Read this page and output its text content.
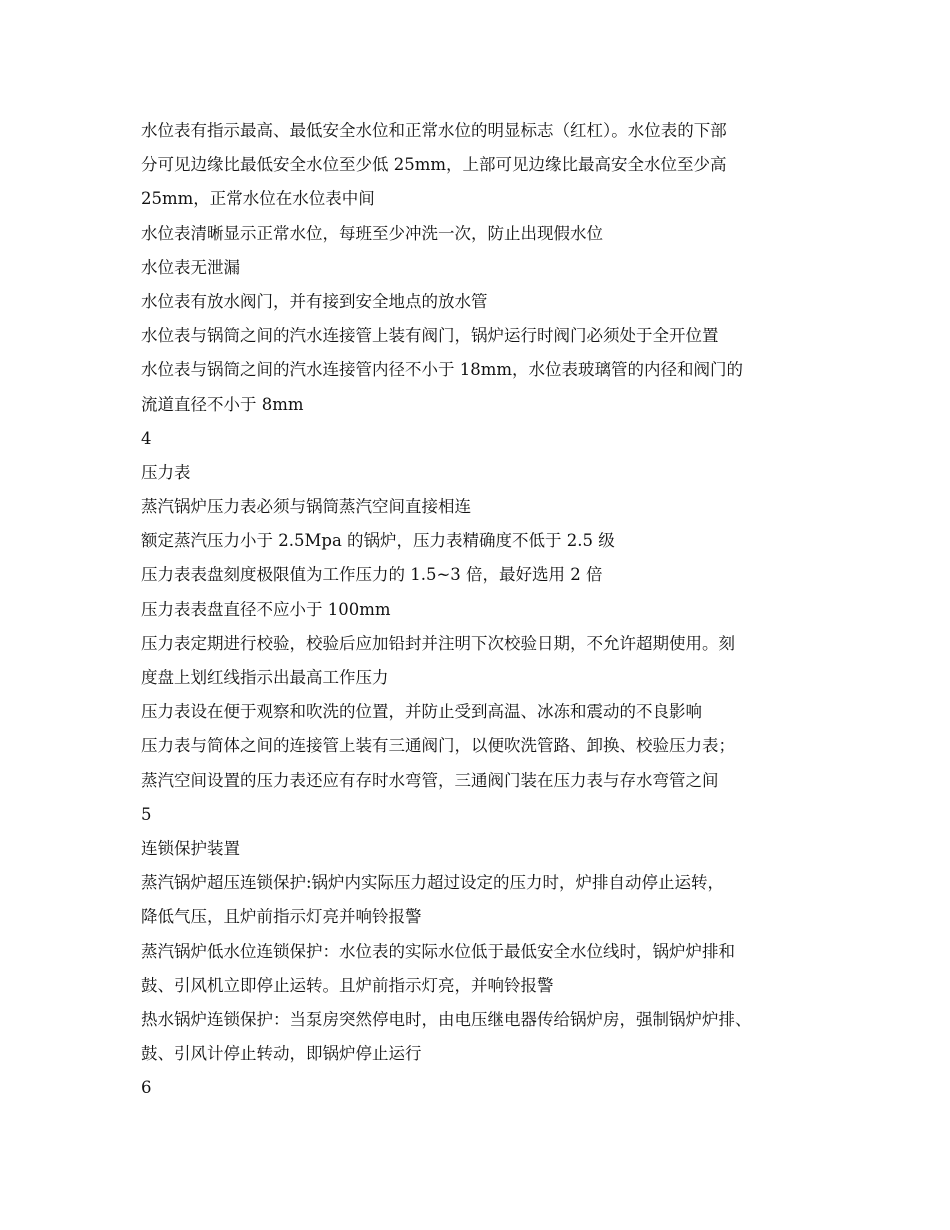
水位表有指示最高、最低安全水位和正常水位的明显标志（红杠）。水位表的下部
分可见边缘比最低安全水位至少低 25mm，上部可见边缘比最高安全水位至少高
25mm，正常水位在水位表中间
水位表清晰显示正常水位，每班至少冲洗一次，防止出现假水位
水位表无泄漏
水位表有放水阀门，并有接到安全地点的放水管
水位表与锅筒之间的汽水连接管上装有阀门，锅炉运行时阀门必须处于全开位置
水位表与锅筒之间的汽水连接管内径不小于 18mm，水位表玻璃管的内径和阀门的
流道直径不小于 8mm
4
压力表
蒸汽锅炉压力表必须与锅筒蒸汽空间直接相连
额定蒸汽压力小于 2.5Mpa 的锅炉，压力表精确度不低于 2.5 级
压力表表盘刻度极限值为工作压力的 1.5~3 倍，最好选用 2 倍
压力表表盘直径不应小于 100mm
压力表定期进行校验，校验后应加铅封并注明下次校验日期，不允许超期使用。刻
度盘上划红线指示出最高工作压力
压力表设在便于观察和吹洗的位置，并防止受到高温、冰冻和震动的不良影响
压力表与简体之间的连接管上装有三通阀门，以便吹洗管路、卸换、校验压力表；
蒸汽空间设置的压力表还应有存时水弯管，三通阀门装在压力表与存水弯管之间
5
连锁保护装置
蒸汽锅炉超压连锁保护:锅炉内实际压力超过设定的压力时，炉排自动停止运转，
降低气压，且炉前指示灯亮并响铃报警
蒸汽锅炉低水位连锁保护：水位表的实际水位低于最低安全水位线时，锅炉炉排和
鼓、引风机立即停止运转。且炉前指示灯亮，并响铃报警
热水锅炉连锁保护：当泵房突然停电时，由电压继电器传给锅炉房，强制锅炉炉排、
鼓、引风计停止转动，即锅炉停止运行
6
